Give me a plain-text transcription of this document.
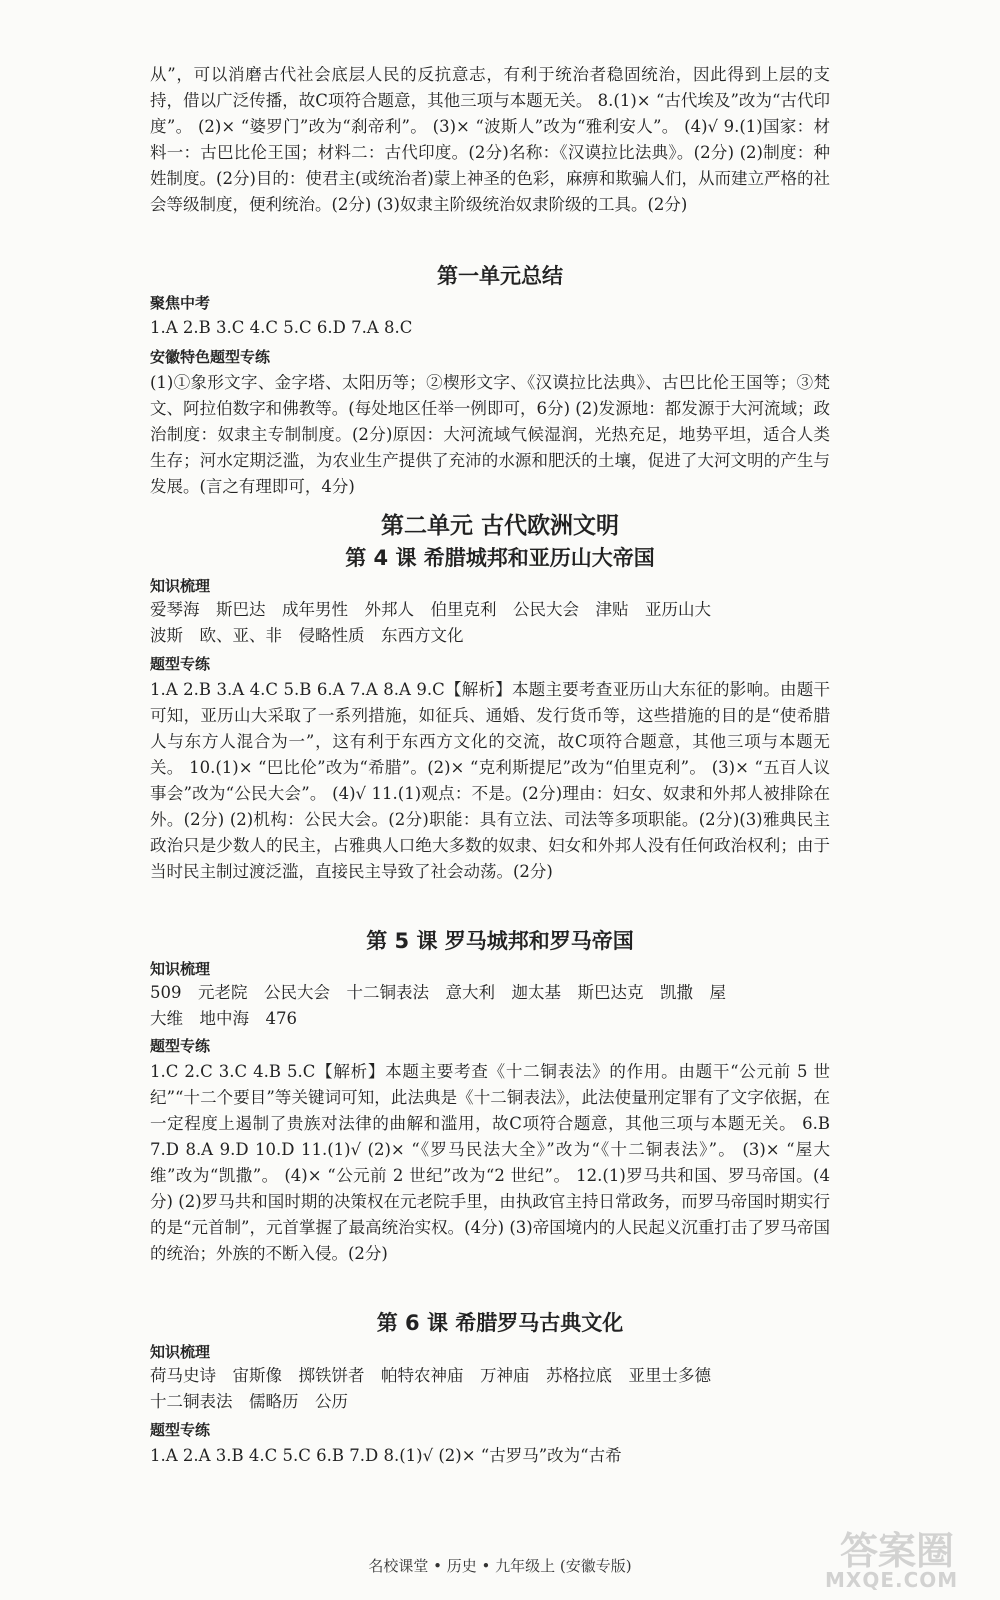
从”，可以消磨古代社会底层人民的反抗意志，有利于统治者稳固统治，因此得到上层的支持，借以广泛传播，故C项符合题意，其他三项与本题无关。 8.(1)× “古代埃及”改为“古代印度”。 (2)× “婆罗门”改为“刹帝利”。 (3)× “波斯人”改为“雅利安人”。 (4)√ 9.(1)国家：材料一：古巴比伦王国；材料二：古代印度。(2分)名称：《汉谟拉比法典》。(2分) (2)制度：种姓制度。(2分)目的：使君主(或统治者)蒙上神圣的色彩，麻痹和欺骗人们，从而建立严格的社会等级制度，便利统治。(2分) (3)奴隶主阶级统治奴隶阶级的工具。(2分)
第一单元总结
聚焦中考
1.A 2.B 3.C 4.C 5.C 6.D 7.A 8.C
安徽特色题型专练
(1)①象形文字、金字塔、太阳历等；②楔形文字、《汉谟拉比法典》、古巴比伦王国等；③梵文、阿拉伯数字和佛教等。(每处地区任举一例即可，6分) (2)发源地：都发源于大河流域；政治制度：奴隶主专制制度。(2分)原因：大河流域气候湿润，光热充足，地势平坦，适合人类生存；河水定期泛滥，为农业生产提供了充沛的水源和肥沃的土壤，促进了大河文明的产生与发展。(言之有理即可，4分)
第二单元 古代欧洲文明
第 4 课 希腊城邦和亚历山大帝国
知识梳理
爱琴海　斯巴达　成年男性　外邦人　伯里克利　公民大会　津贴　亚历山大
波斯　欧、亚、非　侵略性质　东西方文化
题型专练
1.A 2.B 3.A 4.C 5.B 6.A 7.A 8.A 9.C【解析】本题主要考查亚历山大东征的影响。由题干可知，亚历山大采取了一系列措施，如征兵、通婚、发行货币等，这些措施的目的是“使希腊人与东方人混合为一”，这有利于东西方文化的交流，故C项符合题意，其他三项与本题无关。 10.(1)× “巴比伦”改为“希腊”。(2)× “克利斯提尼”改为“伯里克利”。 (3)× “五百人议事会”改为“公民大会”。 (4)√ 11.(1)观点：不是。(2分)理由：妇女、奴隶和外邦人被排除在外。(2分) (2)机构：公民大会。(2分)职能：具有立法、司法等多项职能。(2分)(3)雅典民主政治只是少数人的民主，占雅典人口绝大多数的奴隶、妇女和外邦人没有任何政治权利；由于当时民主制过渡泛滥，直接民主导致了社会动荡。(2分)
第 5 课 罗马城邦和罗马帝国
知识梳理
509　元老院　公民大会　十二铜表法　意大利　迦太基　斯巴达克　凯撒　屋
大维　地中海　476
题型专练
1.C 2.C 3.C 4.B 5.C【解析】本题主要考查《十二铜表法》的作用。由题干“公元前 5 世纪”“十二个要目”等关键词可知，此法典是《十二铜表法》，此法使量刑定罪有了文字依据，在一定程度上遏制了贵族对法律的曲解和滥用，故C项符合题意，其他三项与本题无关。 6.B 7.D 8.A 9.D 10.D 11.(1)√ (2)× “《罗马民法大全》”改为“《十二铜表法》”。 (3)× “屋大维”改为“凯撒”。 (4)× “公元前 2 世纪”改为“2 世纪”。 12.(1)罗马共和国、罗马帝国。(4分) (2)罗马共和国时期的决策权在元老院手里，由执政官主持日常政务，而罗马帝国时期实行的是“元首制”，元首掌握了最高统治实权。(4分) (3)帝国境内的人民起义沉重打击了罗马帝国的统治；外族的不断入侵。(2分)
第 6 课 希腊罗马古典文化
知识梳理
荷马史诗　宙斯像　掷铁饼者　帕特农神庙　万神庙　苏格拉底　亚里士多德
十二铜表法　儒略历　公历
题型专练
1.A 2.A 3.B 4.C 5.C 6.B 7.D 8.(1)√ (2)× “古罗马”改为“古希
名校课堂 • 历史 • 九年级上 (安徽专版)	答案圈
MXQE.COM
